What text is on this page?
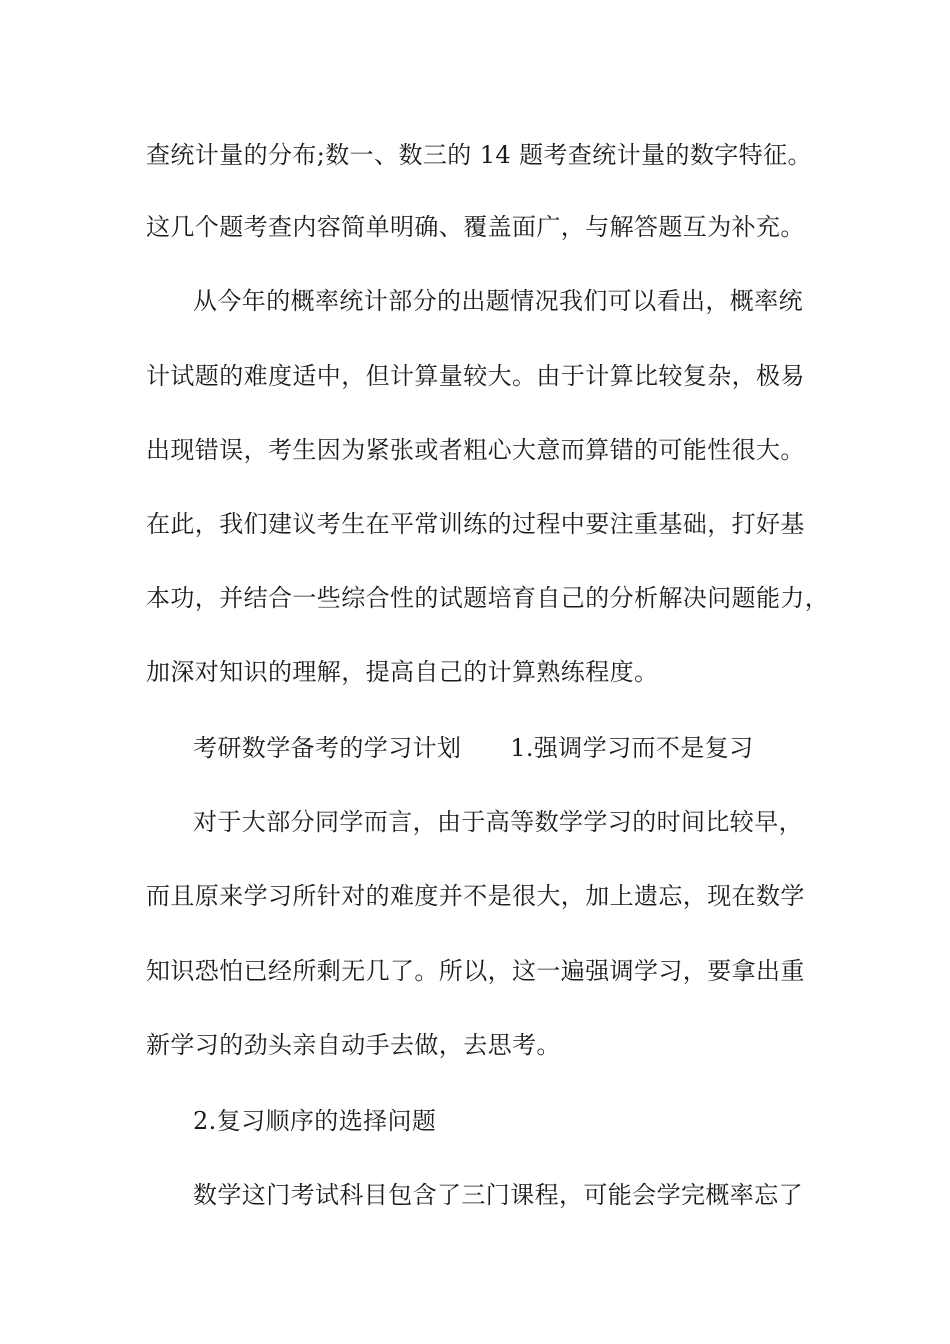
查统计量的分布;数一、数三的 14 题考查统计量的数字特征。
这几个题考查内容简单明确、覆盖面广，与解答题互为补充。
从今年的概率统计部分的出题情况我们可以看出，概率统
计试题的难度适中，但计算量较大。由于计算比较复杂，极易
出现错误，考生因为紧张或者粗心大意而算错的可能性很大。
在此，我们建议考生在平常训练的过程中要注重基础，打好基
本功，并结合一些综合性的试题培育自己的分析解决问题能力，
加深对知识的理解，提高自己的计算熟练程度。
考研数学备考的学习计划　　1.强调学习而不是复习
对于大部分同学而言，由于高等数学学习的时间比较早，
而且原来学习所针对的难度并不是很大，加上遗忘，现在数学
知识恐怕已经所剩无几了。所以，这一遍强调学习，要拿出重
新学习的劲头亲自动手去做，去思考。
2.复习顺序的选择问题
数学这门考试科目包含了三门课程，可能会学完概率忘了
